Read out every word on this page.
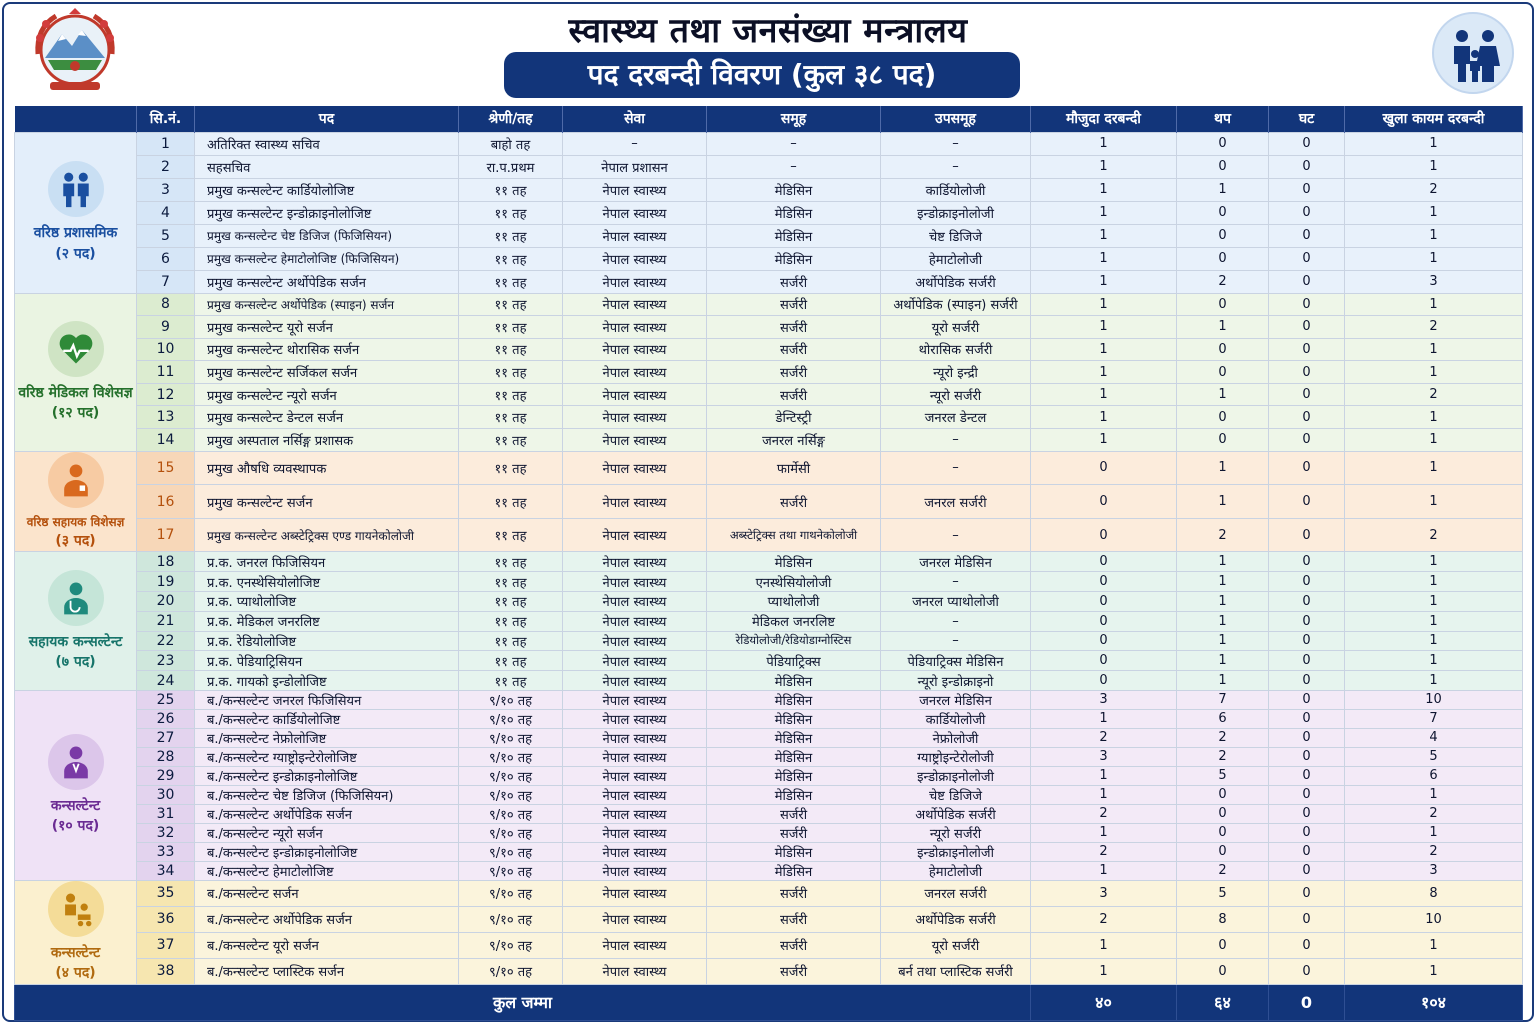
स्वास्थ्य तथा जनसंख्या मन्त्रालय
पद दरबन्दी विवरण (कुल ३८ पद)
	सि.नं.	पद	श्रेणी/तह	सेवा	समूह	उपसमूह	मौजुदा दरबन्दी	थप	घट	खुला कायम दरबन्दी

वरिष्ठ प्रशासमिक
(२ पद)	1	अतिरिक्त स्वास्थ्य सचिव	बाहो तह	–	–	–	1	0	0	1
	2	सहसचिव	रा.प.प्रथम	नेपाल प्रशासन	–	–	1	0	0	1
	3	प्रमुख कन्सल्टेन्ट कार्डियोलोजिष्ट	११ तह	नेपाल स्वास्थ्य	मेडिसिन	कार्डियोलोजी	1	1	0	2
	4	प्रमुख कन्सल्टेन्ट इन्डोक्राइनोलोजिष्ट	११ तह	नेपाल स्वास्थ्य	मेडिसिन	इन्डोक्राइनोलोजी	1	0	0	1
	5	प्रमुख कन्सल्टेन्ट चेष्ट डिजिज (फिजिसियन)	११ तह	नेपाल स्वास्थ्य	मेडिसिन	चेष्ट डिजिजे	1	0	0	1
	6	प्रमुख कन्सल्टेन्ट हेमाटोलोजिष्ट (फिजिसियन)	११ तह	नेपाल स्वास्थ्य	मेडिसिन	हेमाटोलोजी	1	0	0	1
	7	प्रमुख कन्सल्टेन्ट अर्थोपेडिक सर्जन	११ तह	नेपाल स्वास्थ्य	सर्जरी	अर्थोपेडिक सर्जरी	1	2	0	3

वरिष्ठ मेडिकल विशेसज्ञ
(१२ पद)	8	प्रमुख कन्सल्टेन्ट अर्थोपेडिक (स्पाइन) सर्जन	११ तह	नेपाल स्वास्थ्य	सर्जरी	अर्थोपेडिक (स्पाइन) सर्जरी	1	0	0	1
	9	प्रमुख कन्सल्टेन्ट यूरो सर्जन	११ तह	नेपाल स्वास्थ्य	सर्जरी	यूरो सर्जरी	1	1	0	2
	10	प्रमुख कन्सल्टेन्ट थोरासिक सर्जन	११ तह	नेपाल स्वास्थ्य	सर्जरी	थोरासिक सर्जरी	1	0	0	1
	11	प्रमुख कन्सल्टेन्ट सर्जिकल सर्जन	११ तह	नेपाल स्वास्थ्य	सर्जरी	न्यूरो इन्द्री	1	0	0	1
	12	प्रमुख कन्सल्टेन्ट न्यूरो सर्जन	११ तह	नेपाल स्वास्थ्य	सर्जरी	न्यूरो सर्जरी	1	1	0	2
	13	प्रमुख कन्सल्टेन्ट डेन्टल सर्जन	११ तह	नेपाल स्वास्थ्य	डेन्टिस्ट्री	जनरल डेन्टल	1	0	0	1
	14	प्रमुख अस्पताल नर्सिङ्ग प्रशासक	११ तह	नेपाल स्वास्थ्य	जनरल नर्सिङ्ग	–	1	0	0	1

वरिष्ठ सहायक विशेसज्ञ
(३ पद)	15	प्रमुख औषधि व्यवस्थापक	११ तह	नेपाल स्वास्थ्य	फार्मेसी	–	0	1	0	1
	16	प्रमुख कन्सल्टेन्ट सर्जन	११ तह	नेपाल स्वास्थ्य	सर्जरी	जनरल सर्जरी	0	1	0	1
	17	प्रमुख कन्सल्टेन्ट अब्स्टेट्रिक्स एण्ड गायनेकोलोजी	११ तह	नेपाल स्वास्थ्य	अब्स्टेट्रिक्स तथा गाथनेकोलोजी	–	0	2	0	2

सहायक कन्सल्टेन्ट
(७ पद)	18	प्र.क. जनरल फिजिसियन	११ तह	नेपाल स्वास्थ्य	मेडिसिन	जनरल मेडिसिन	0	1	0	1
	19	प्र.क. एनस्थेसियोलोजिष्ट	११ तह	नेपाल स्वास्थ्य	एनस्थेसियोलोजी	–	0	1	0	1
	20	प्र.क. प्याथोलोजिष्ट	११ तह	नेपाल स्वास्थ्य	प्याथोलोजी	जनरल प्याथोलोजी	0	1	0	1
	21	प्र.क. मेडिकल जनरलिष्ट	११ तह	नेपाल स्वास्थ्य	मेडिकल जनरलिष्ट	–	0	1	0	1
	22	प्र.क. रेडियोलोजिष्ट	११ तह	नेपाल स्वास्थ्य	रेडियोलोजी/रेडियोडाग्नोस्टिस	–	0	1	0	1
	23	प्र.क. पेडियाट्रिसियन	११ तह	नेपाल स्वास्थ्य	पेडियाट्रिक्स	पेडियाट्रिक्स मेडिसिन	0	1	0	1
	24	प्र.क. गायको इन्डोलोजिष्ट	११ तह	नेपाल स्वास्थ्य	मेडिसिन	न्यूरो इन्डोक्राइनो	0	1	0	1

कन्सल्टेन्ट
(१० पद)	25	ब./कन्सल्टेन्ट जनरल फिजिसियन	९/१० तह	नेपाल स्वास्थ्य	मेडिसिन	जनरल मेडिसिन	3	7	0	10
	26	ब./कन्सल्टेन्ट कार्डियोलोजिष्ट	९/१० तह	नेपाल स्वास्थ्य	मेडिसिन	कार्डियोलोजी	1	6	0	7
	27	ब./कन्सल्टेन्ट नेफ्रोलोजिष्ट	९/१० तह	नेपाल स्वास्थ्य	मेडिसिन	नेफ्रोलोजी	2	2	0	4
	28	ब./कन्सल्टेन्ट ग्याष्ट्रोइन्टेरोलोजिष्ट	९/१० तह	नेपाल स्वास्थ्य	मेडिसिन	ग्याष्ट्रोइन्टेरोलोजी	3	2	0	5
	29	ब./कन्सल्टेन्ट इन्डोक्राइनोलोजिष्ट	९/१० तह	नेपाल स्वास्थ्य	मेडिसिन	इन्डोक्राइनोलोजी	1	5	0	6
	30	ब./कन्सल्टेन्ट चेष्ट डिजिज (फिजिसियन)	९/१० तह	नेपाल स्वास्थ्य	मेडिसिन	चेष्ट डिजिजे	1	0	0	1
	31	ब./कन्सल्टेन्ट अर्थोपेडिक सर्जन	९/१० तह	नेपाल स्वास्थ्य	सर्जरी	अर्थोपेडिक सर्जरी	2	0	0	2
	32	ब./कन्सल्टेन्ट न्यूरो सर्जन	९/१० तह	नेपाल स्वास्थ्य	सर्जरी	न्यूरो सर्जरी	1	0	0	1
	33	ब./कन्सल्टेन्ट इन्डोक्राइनोलोजिष्ट	९/१० तह	नेपाल स्वास्थ्य	मेडिसिन	इन्डोक्राइनोलोजी	2	0	0	2
	34	ब./कन्सल्टेन्ट हेमाटोलोजिष्ट	९/१० तह	नेपाल स्वास्थ्य	मेडिसिन	हेमाटोलोजी	1	2	0	3

कन्सल्टेन्ट
(४ पद)	35	ब./कन्सल्टेन्ट सर्जन	९/१० तह	नेपाल स्वास्थ्य	सर्जरी	जनरल सर्जरी	3	5	0	8
	36	ब./कन्सल्टेन्ट अर्थोपेडिक सर्जन	९/१० तह	नेपाल स्वास्थ्य	सर्जरी	अर्थोपेडिक सर्जरी	2	8	0	10
	37	ब./कन्सल्टेन्ट यूरो सर्जन	९/१० तह	नेपाल स्वास्थ्य	सर्जरी	यूरो सर्जरी	1	0	0	1
	38	ब./कन्सल्टेन्ट प्लास्टिक सर्जन	९/१० तह	नेपाल स्वास्थ्य	सर्जरी	बर्न तथा प्लास्टिक सर्जरी	1	0	0	1
कुल जम्मा							४०	६४	0	१०४
